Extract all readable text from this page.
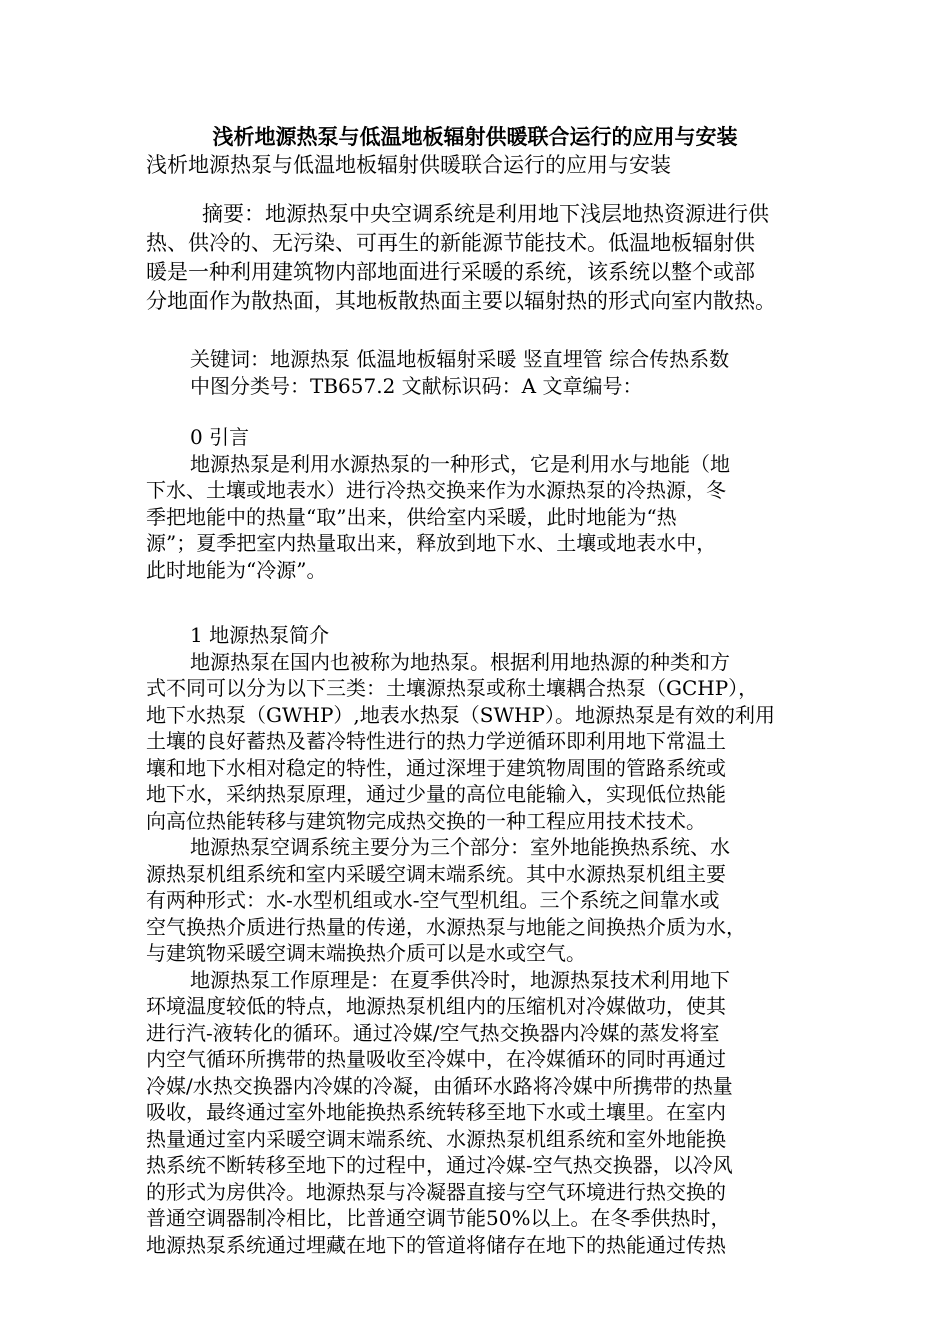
浅析地源热泵与低温地板辐射供暖联合运行的应用与安装
浅析地源热泵与低温地板辐射供暖联合运行的应用与安装
摘要：地源热泵中央空调系统是利用地下浅层地热资源进行供
热、供冷的、无污染、可再生的新能源节能技术。低温地板辐射供
暖是一种利用建筑物内部地面进行采暖的系统，该系统以整个或部
分地面作为散热面，其地板散热面主要以辐射热的形式向室内散热。
关键词：地源热泵 低温地板辐射采暖 竖直埋管 综合传热系数
中图分类号：TB657.2 文献标识码：A 文章编号：
0 引言
地源热泵是利用水源热泵的一种形式，它是利用水与地能（地
下水、土壤或地表水）进行冷热交换来作为水源热泵的冷热源，冬
季把地能中的热量“取”出来，供给室内采暖，此时地能为“热
源”；夏季把室内热量取出来，释放到地下水、土壤或地表水中，
此时地能为“冷源”。
1 地源热泵简介
地源热泵在国内也被称为地热泵。根据利用地热源的种类和方
式不同可以分为以下三类：土壤源热泵或称土壤耦合热泵（GCHP），
地下水热泵（GWHP）,地表水热泵（SWHP）。地源热泵是有效的利用
土壤的良好蓄热及蓄冷特性进行的热力学逆循环即利用地下常温土
壤和地下水相对稳定的特性，通过深埋于建筑物周围的管路系统或
地下水，采纳热泵原理，通过少量的高位电能输入，实现低位热能
向高位热能转移与建筑物完成热交换的一种工程应用技术技术。
地源热泵空调系统主要分为三个部分：室外地能换热系统、水
源热泵机组系统和室内采暖空调末端系统。其中水源热泵机组主要
有两种形式：水-水型机组或水-空气型机组。三个系统之间靠水或
空气换热介质进行热量的传递，水源热泵与地能之间换热介质为水，
与建筑物采暖空调末端换热介质可以是水或空气。
地源热泵工作原理是：在夏季供冷时，地源热泵技术利用地下
环境温度较低的特点，地源热泵机组内的压缩机对冷媒做功，使其
进行汽-液转化的循环。通过冷媒/空气热交换器内冷媒的蒸发将室
内空气循环所携带的热量吸收至冷媒中，在冷媒循环的同时再通过
冷媒/水热交换器内冷媒的冷凝，由循环水路将冷媒中所携带的热量
吸收，最终通过室外地能换热系统转移至地下水或土壤里。在室内
热量通过室内采暖空调末端系统、水源热泵机组系统和室外地能换
热系统不断转移至地下的过程中，通过冷媒-空气热交换器，以冷风
的形式为房供冷。地源热泵与冷凝器直接与空气环境进行热交换的
普通空调器制冷相比，比普通空调节能50%以上。在冬季供热时，
地源热泵系统通过埋藏在地下的管道将储存在地下的热能通过传热
